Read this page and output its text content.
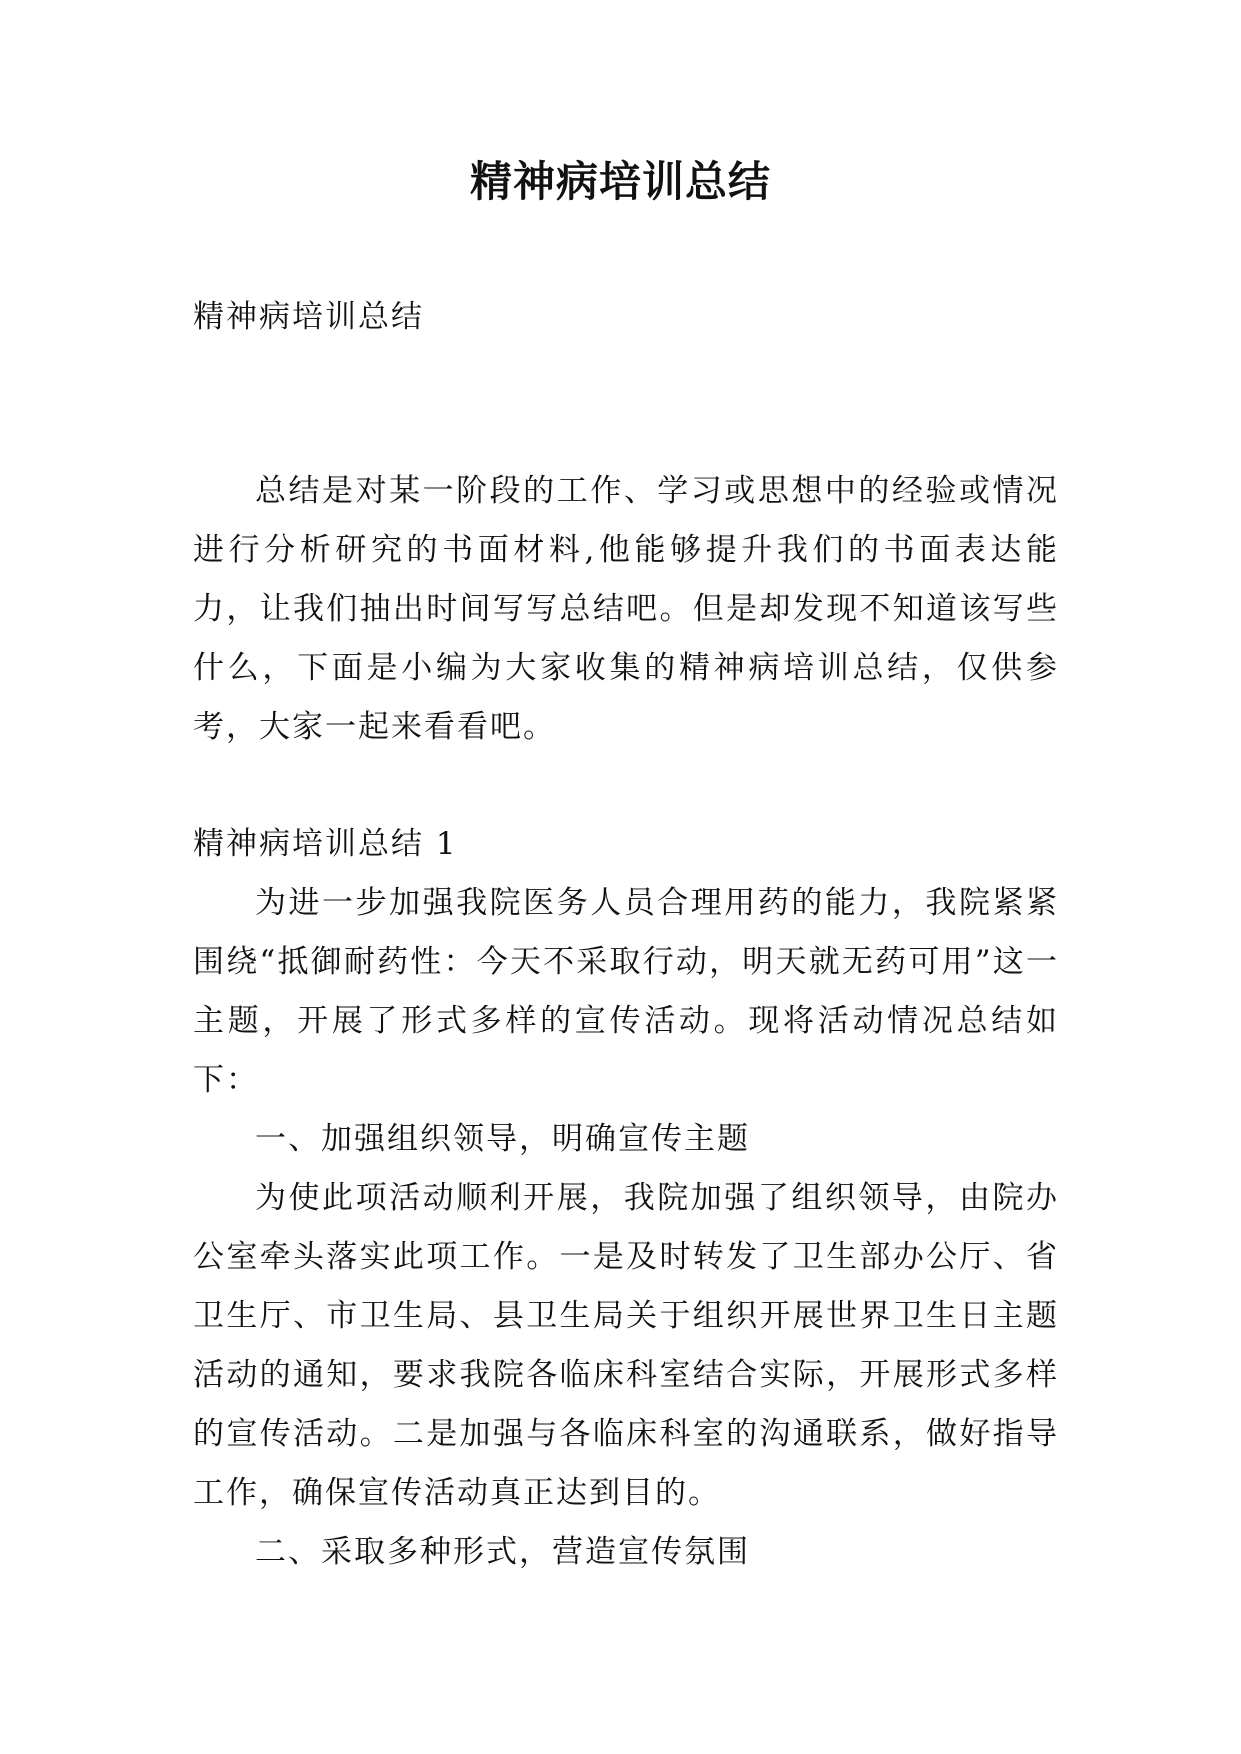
精神病培训总结
精神病培训总结
总结是对某一阶段的工作、学习或思想中的经验或情况进行分析研究的书面材料,他能够提升我们的书面表达能力，让我们抽出时间写写总结吧。但是却发现不知道该写些什么，下面是小编为大家收集的精神病培训总结，仅供参考，大家一起来看看吧。

精神病培训总结 1

为进一步加强我院医务人员合理用药的能力，我院紧紧围绕“抵御耐药性：今天不采取行动，明天就无药可用”这一主题，开展了形式多样的宣传活动。现将活动情况总结如下：

一、加强组织领导，明确宣传主题

为使此项活动顺利开展，我院加强了组织领导，由院办公室牵头落实此项工作。一是及时转发了卫生部办公厅、省卫生厅、市卫生局、县卫生局关于组织开展世界卫生日主题活动的通知，要求我院各临床科室结合实际，开展形式多样的宣传活动。二是加强与各临床科室的沟通联系，做好指导工作，确保宣传活动真正达到目的。

二、采取多种形式，营造宣传氛围
